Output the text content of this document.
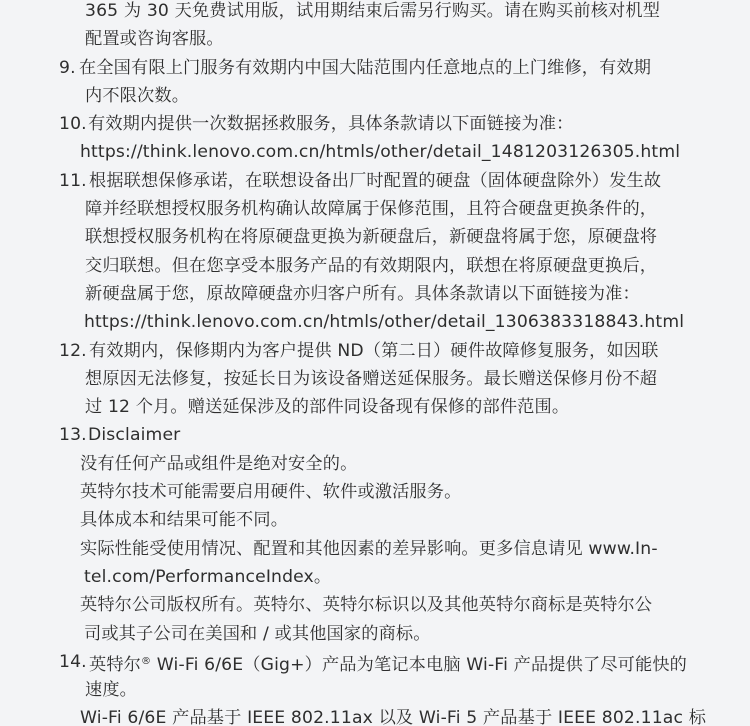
365 为 30 天免费试用版，试用期结束后需另行购买。请在购买前核对机型
配置或咨询客服。
9. 在全国有限上门服务有效期内中国大陆范围内任意地点的上门维修，有效期
内不限次数。
10. 有效期内提供一次数据拯救服务，具体条款请以下面链接为准：
https://think.lenovo.com.cn/htmls/other/detail_1481203126305.html
11. 根据联想保修承诺，在联想设备出厂时配置的硬盘（固体硬盘除外）发生故
障并经联想授权服务机构确认故障属于保修范围，且符合硬盘更换条件的，
联想授权服务机构在将原硬盘更换为新硬盘后，新硬盘将属于您，原硬盘将
交归联想。但在您享受本服务产品的有效期限内，联想在将原硬盘更换后，
新硬盘属于您，原故障硬盘亦归客户所有。具体条款请以下面链接为准：
https://think.lenovo.com.cn/htmls/other/detail_1306383318843.html
12. 有效期内，保修期内为客户提供 ND（第二日）硬件故障修复服务，如因联
想原因无法修复，按延长日为该设备赠送延保服务。最长赠送保修月份不超
过 12 个月。赠送延保涉及的部件同设备现有保修的部件范围。
13. Disclaimer
没有任何产品或组件是绝对安全的。
英特尔技术可能需要启用硬件、软件或激活服务。
具体成本和结果可能不同。
实际性能受使用情况、配置和其他因素的差异影响。更多信息请见 www.In-
tel.com/PerformanceIndex。
英特尔公司版权所有。英特尔、英特尔标识以及其他英特尔商标是英特尔公
司或其子公司在美国和 / 或其他国家的商标。
14. 英特尔® Wi-Fi 6/6E（Gig+）产品为笔记本电脑 Wi-Fi 产品提供了尽可能快的
速度。
Wi-Fi 6/6E 产品基于 IEEE 802.11ax 以及 Wi-Fi 5 产品基于 IEEE 802.11ac 标
